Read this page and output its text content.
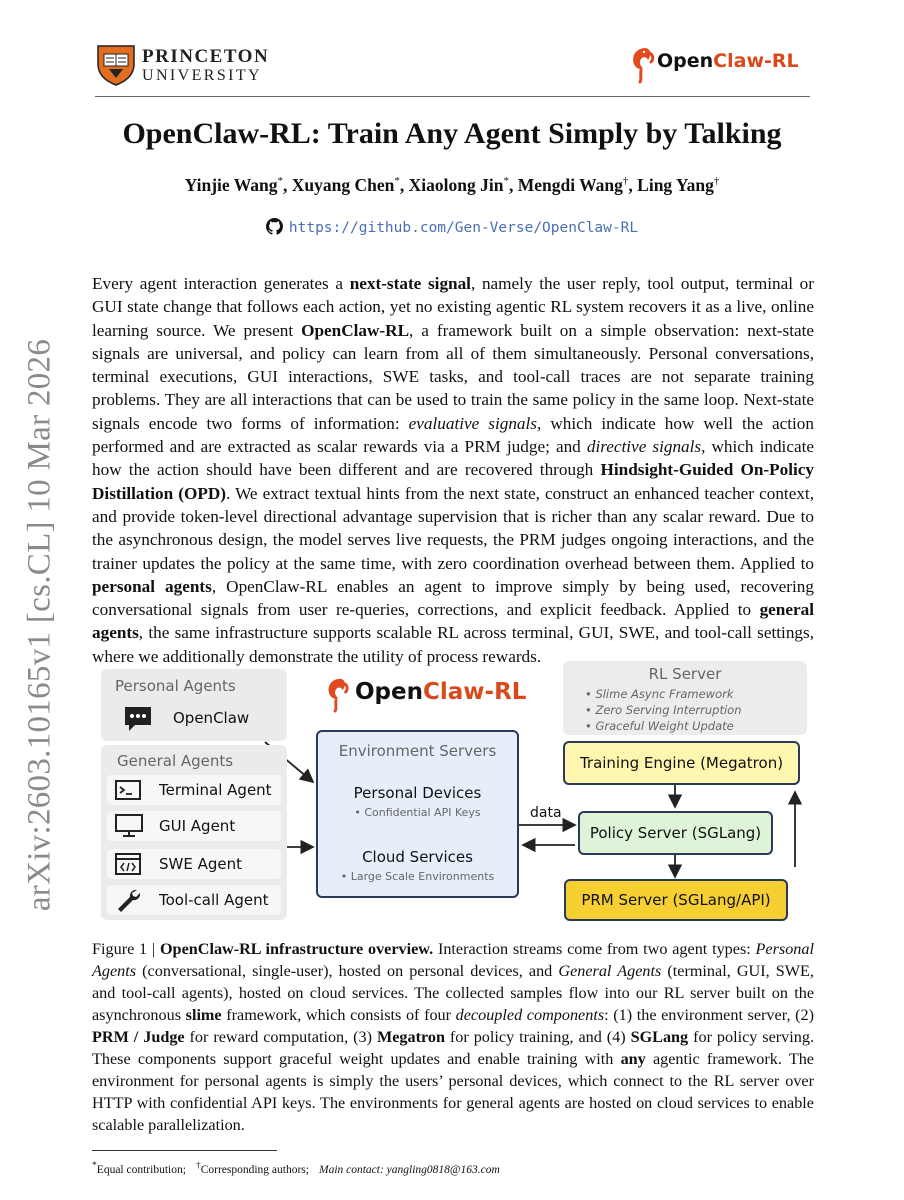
PRINCETON
UNIVERSITY
OpenClaw-RL
OpenClaw-RL: Train Any Agent Simply by Talking
Yinjie Wang*, Xuyang Chen*, Xiaolong Jin*, Mengdi Wang†, Ling Yang†
https://github.com/Gen-Verse/OpenClaw-RL
arXiv:2603.10165v1 [cs.CL] 10 Mar 2026
Every agent interaction generates a next-state signal, namely the user reply, tool output, terminal or GUI state change that follows each action, yet no existing agentic RL system recovers it as a live, online learning source. We present OpenClaw-RL, a framework built on a simple observation: next-state signals are universal, and policy can learn from all of them simultaneously. Personal conversations, terminal executions, GUI interactions, SWE tasks, and tool-call traces are not separate training problems. They are all interactions that can be used to train the same policy in the same loop. Next-state signals encode two forms of information: evaluative signals, which indicate how well the action performed and are extracted as scalar rewards via a PRM judge; and directive signals, which indicate how the action should have been different and are recovered through Hindsight-Guided On-Policy Distillation (OPD). We extract textual hints from the next state, construct an enhanced teacher context, and provide token-level directional advantage supervision that is richer than any scalar reward. Due to the asynchronous design, the model serves live requests, the PRM judges ongoing interactions, and the trainer updates the policy at the same time, with zero coordination overhead between them. Applied to personal agents, OpenClaw-RL enables an agent to improve simply by being used, recovering conversational signals from user re-queries, corrections, and explicit feedback. Applied to general agents, the same infrastructure supports scalable RL across terminal, GUI, SWE, and tool-call settings, where we additionally demonstrate the utility of process rewards.
Personal Agents
OpenClaw
General Agents
Terminal Agent
GUI Agent
SWE Agent
Tool-call Agent
OpenClaw-RL
Environment Servers
Personal Devices
• Confidential API Keys
Cloud Services
• Large Scale Environments
data
RL Server
• Slime Async Framework
• Zero Serving Interruption
• Graceful Weight Update
Training Engine (Megatron)
Policy Server (SGLang)
PRM Server (SGLang/API)
Figure 1 | OpenClaw-RL infrastructure overview. Interaction streams come from two agent types: Personal Agents (conversational, single-user), hosted on personal devices, and General Agents (terminal, GUI, SWE, and tool-call agents), hosted on cloud services. The collected samples flow into our RL server built on the asynchronous slime framework, which consists of four decoupled components: (1) the environment server, (2) PRM / Judge for reward computation, (3) Megatron for policy training, and (4) SGLang for policy serving. These components support graceful weight updates and enable training with any agentic framework. The environment for personal agents is simply the users’ personal devices, which connect to the RL server over HTTP with confidential API keys. The environments for general agents are hosted on cloud services to enable scalable parallelization.
*Equal contribution; †Corresponding authors; Main contact: yangling0818@163.com
